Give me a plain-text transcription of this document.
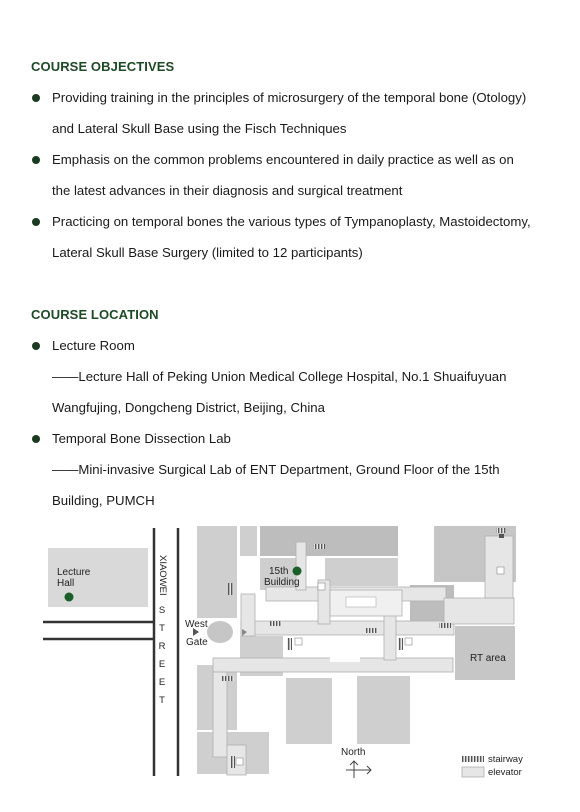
COURSE OBJECTIVES
Providing training in the principles of microsurgery of the temporal bone (Otology)
and Lateral Skull Base using the Fisch Techniques
Emphasis on the common problems encountered in daily practice as well as on
the latest advances in their diagnosis and surgical treatment
Practicing on temporal bones the various types of Tympanoplasty, Mastoidectomy,
Lateral Skull Base Surgery (limited to 12 participants)
COURSE LOCATION
Lecture Room
——Lecture Hall of Peking Union Medical College Hospital, No.1 Shuaifuyuan
Wangfujing, Dongcheng District, Beijing, China
Temporal Bone Dissection Lab
——Mini-invasive Surgical Lab of ENT Department, Ground Floor of the 15th
Building, PUMCH
Lecture
Hall	XIAOWEI
S
T
R
E
E
T
15th
Building
West
Gate
RT area
North
stairway
elevator
